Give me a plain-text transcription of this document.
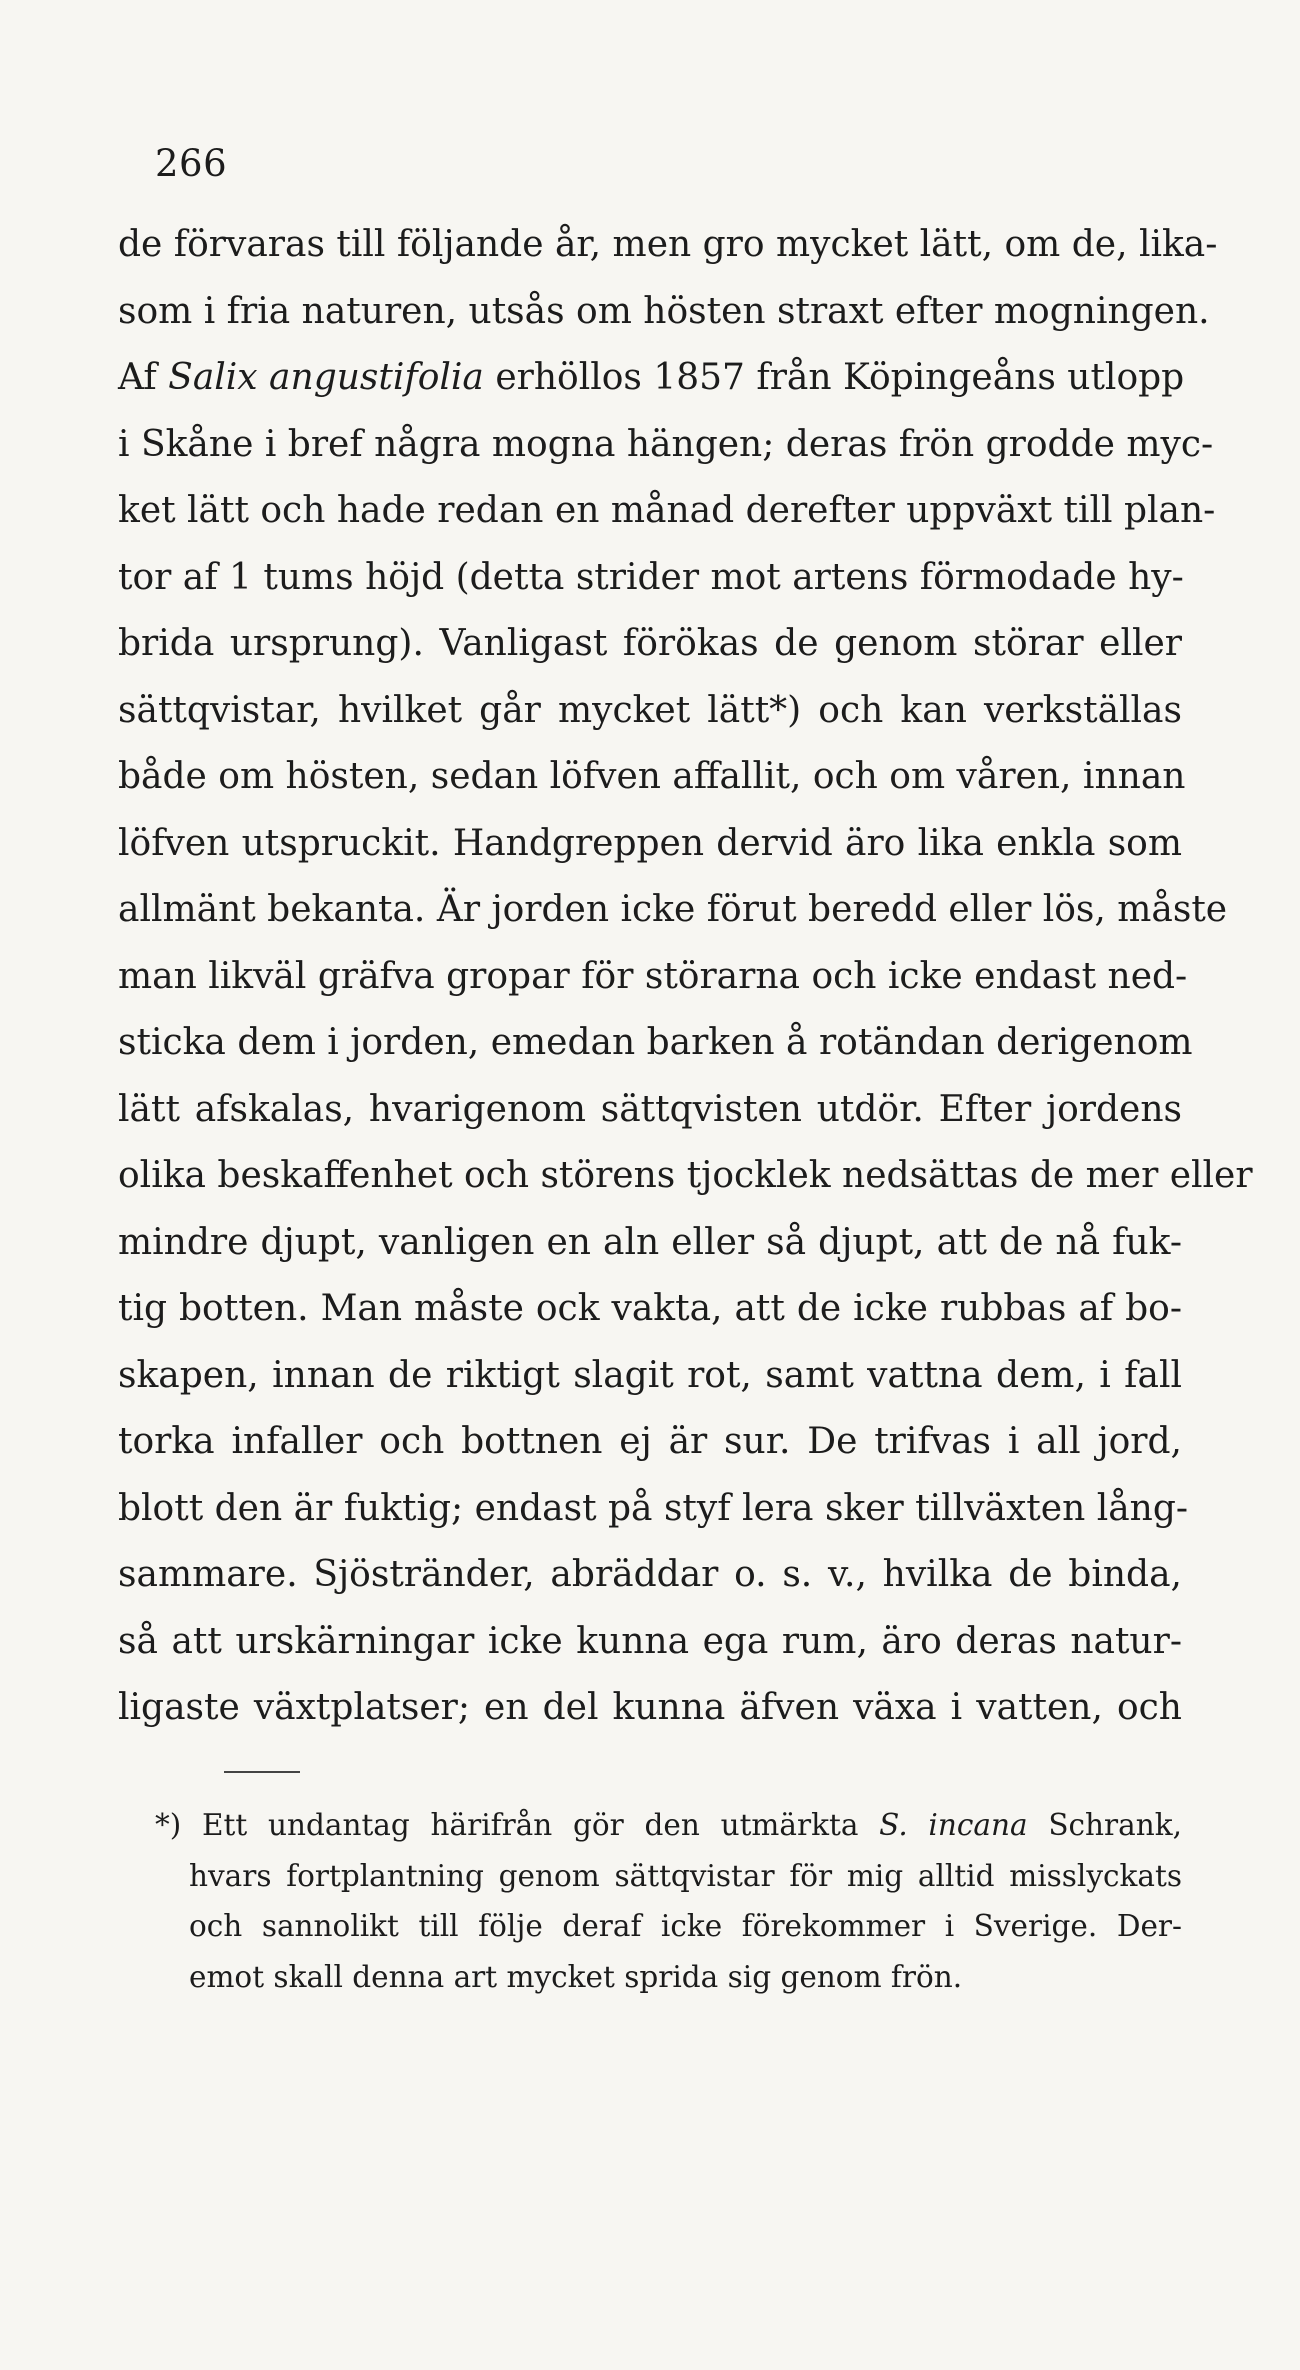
266
de förvaras till följande år, men gro mycket lätt, om de, lika-
som i fria naturen, utsås om hösten straxt efter mogningen.
Af Salix angustifolia erhöllos 1857 från Köpingeåns utlopp
i Skåne i bref några mogna hängen; deras frön grodde myc-
ket lätt och hade redan en månad derefter uppväxt till plan-
tor af 1 tums höjd (detta strider mot artens förmodade hy-
brida ursprung). Vanligast förökas de genom störar eller
sättqvistar, hvilket går mycket lätt*) och kan verkställas
både om hösten, sedan löfven affallit, och om våren, innan
löfven utspruckit. Handgreppen dervid äro lika enkla som
allmänt bekanta. Är jorden icke förut beredd eller lös, måste
man likväl gräfva gropar för störarna och icke endast ned-
sticka dem i jorden, emedan barken å rotändan derigenom
lätt afskalas, hvarigenom sättqvisten utdör. Efter jordens
olika beskaffenhet och störens tjocklek nedsättas de mer eller
mindre djupt, vanligen en aln eller så djupt, att de nå fuk-
tig botten. Man måste ock vakta, att de icke rubbas af bo-
skapen, innan de riktigt slagit rot, samt vattna dem, i fall
torka infaller och bottnen ej är sur. De trifvas i all jord,
blott den är fuktig; endast på styf lera sker tillväxten lång-
sammare. Sjöstränder, abräddar o. s. v., hvilka de binda,
så att urskärningar icke kunna ega rum, äro deras natur-
ligaste växtplatser; en del kunna äfven växa i vatten, och
*) Ett undantag härifrån gör den utmärkta S. incana Schrank,
hvars fortplantning genom sättqvistar för mig alltid misslyckats
och sannolikt till följe deraf icke förekommer i Sverige. Der-
emot skall denna art mycket sprida sig genom frön.
